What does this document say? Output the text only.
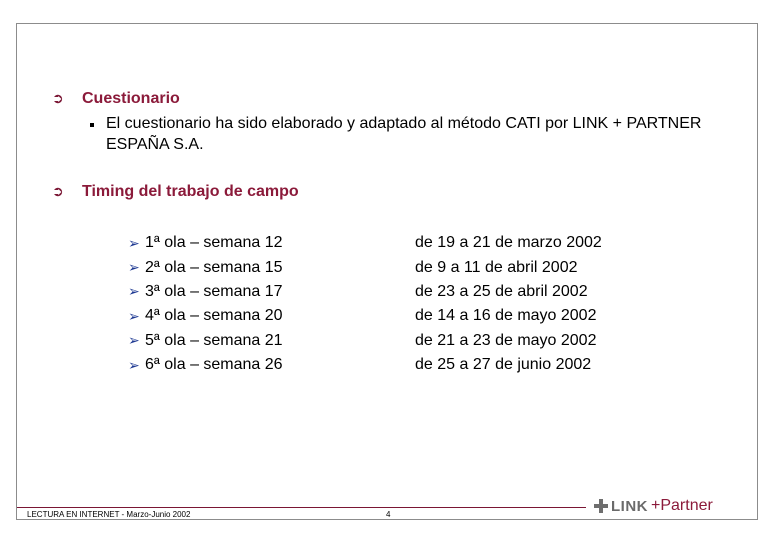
➲	Cuestionario
El cuestionario ha sido elaborado y adaptado al método CATI por LINK + PARTNER ESPAÑA S.A.
➲	Timing del trabajo de campo
➢ 1ª ola – semana 12	de 19 a 21 de marzo 2002
➢ 2ª ola – semana 15	de 9 a 11 de abril 2002
➢ 3ª ola – semana 17	de 23 a 25 de abril 2002
➢ 4ª ola – semana 20	de 14 a 16 de mayo 2002
➢ 5ª ola – semana 21	de 21 a 23 de mayo 2002
➢ 6ª ola – semana 26	de 25 a 27 de junio 2002
LECTURA EN INTERNET - Marzo-Junio 2002	4	LINK +Partner
